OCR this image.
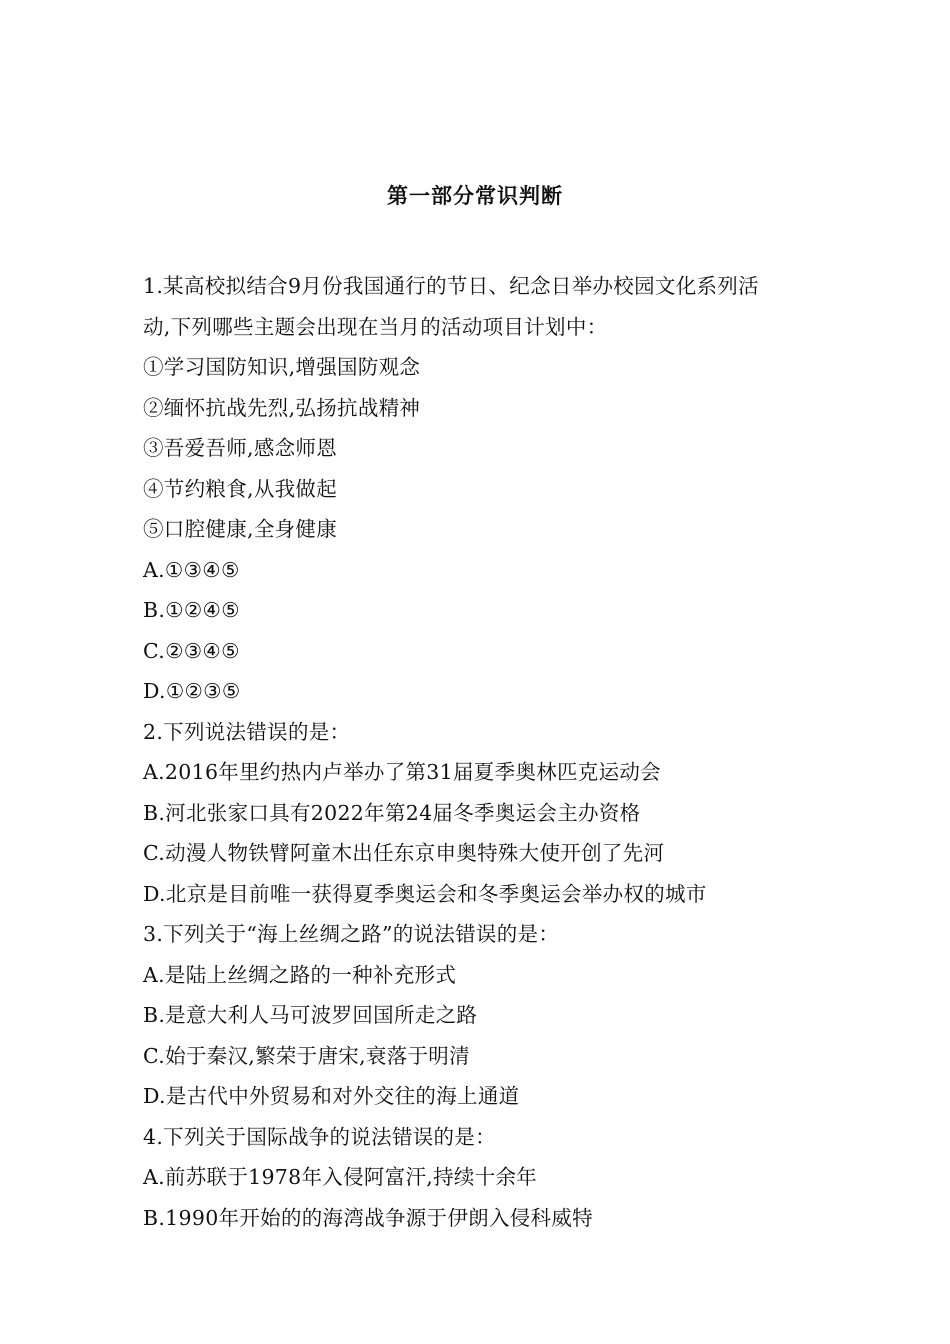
第一部分常识判断
1.某高校拟结合9月份我国通行的节日、纪念日举办校园文化系列活
动,下列哪些主题会出现在当月的活动项目计划中：
①学习国防知识,增强国防观念
②缅怀抗战先烈,弘扬抗战精神
③吾爱吾师,感念师恩
④节约粮食,从我做起
⑤口腔健康,全身健康
A.①③④⑤
B.①②④⑤
C.②③④⑤
D.①②③⑤
2.下列说法错误的是：
A.2016年里约热内卢举办了第31届夏季奥林匹克运动会
B.河北张家口具有2022年第24届冬季奥运会主办资格
C.动漫人物铁臂阿童木出任东京申奥特殊大使开创了先河
D.北京是目前唯一获得夏季奥运会和冬季奥运会举办权的城市
3.下列关于“海上丝绸之路”的说法错误的是：
A.是陆上丝绸之路的一种补充形式
B.是意大利人马可波罗回国所走之路
C.始于秦汉,繁荣于唐宋,衰落于明清
D.是古代中外贸易和对外交往的海上通道
4.下列关于国际战争的说法错误的是：
A.前苏联于1978年入侵阿富汗,持续十余年
B.1990年开始的的海湾战争源于伊朗入侵科威特
